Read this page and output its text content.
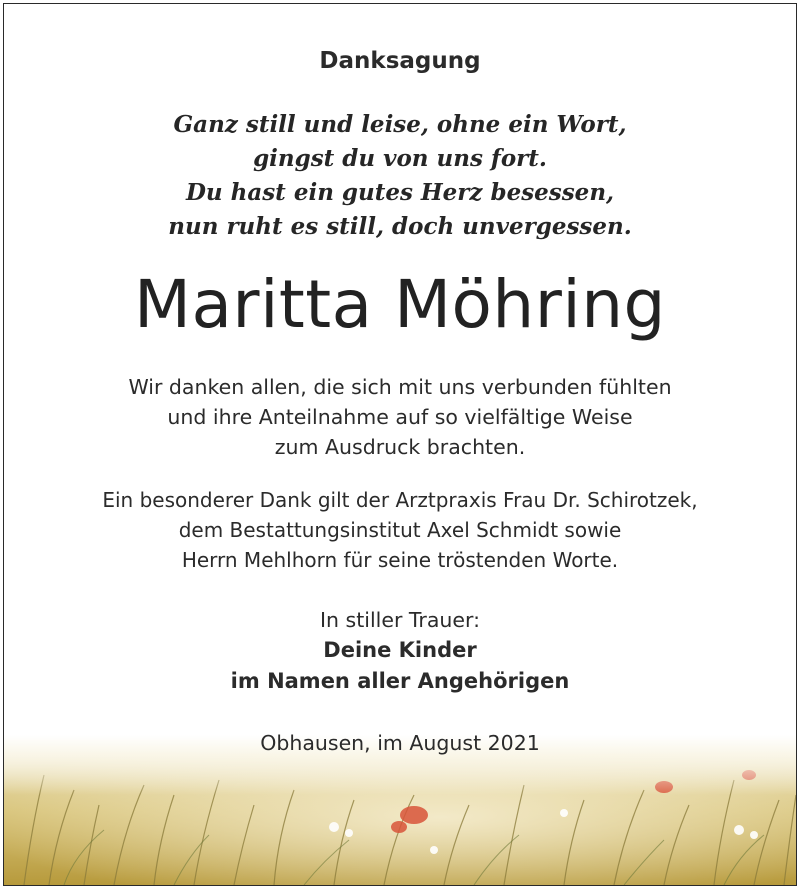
Danksagung
Ganz still und leise, ohne ein Wort,
gingst du von uns fort.
Du hast ein gutes Herz besessen,
nun ruht es still, doch unvergessen.
Maritta Möhring
Wir danken allen, die sich mit uns verbunden fühlten
und ihre Anteilnahme auf so vielfältige Weise
zum Ausdruck brachten.
Ein besonderer Dank gilt der Arztpraxis Frau Dr. Schirotzek,
dem Bestattungsinstitut Axel Schmidt sowie
Herrn Mehlhorn für seine tröstenden Worte.
In stiller Trauer:
Deine Kinder
im Namen aller Angehörigen
Obhausen, im August 2021
